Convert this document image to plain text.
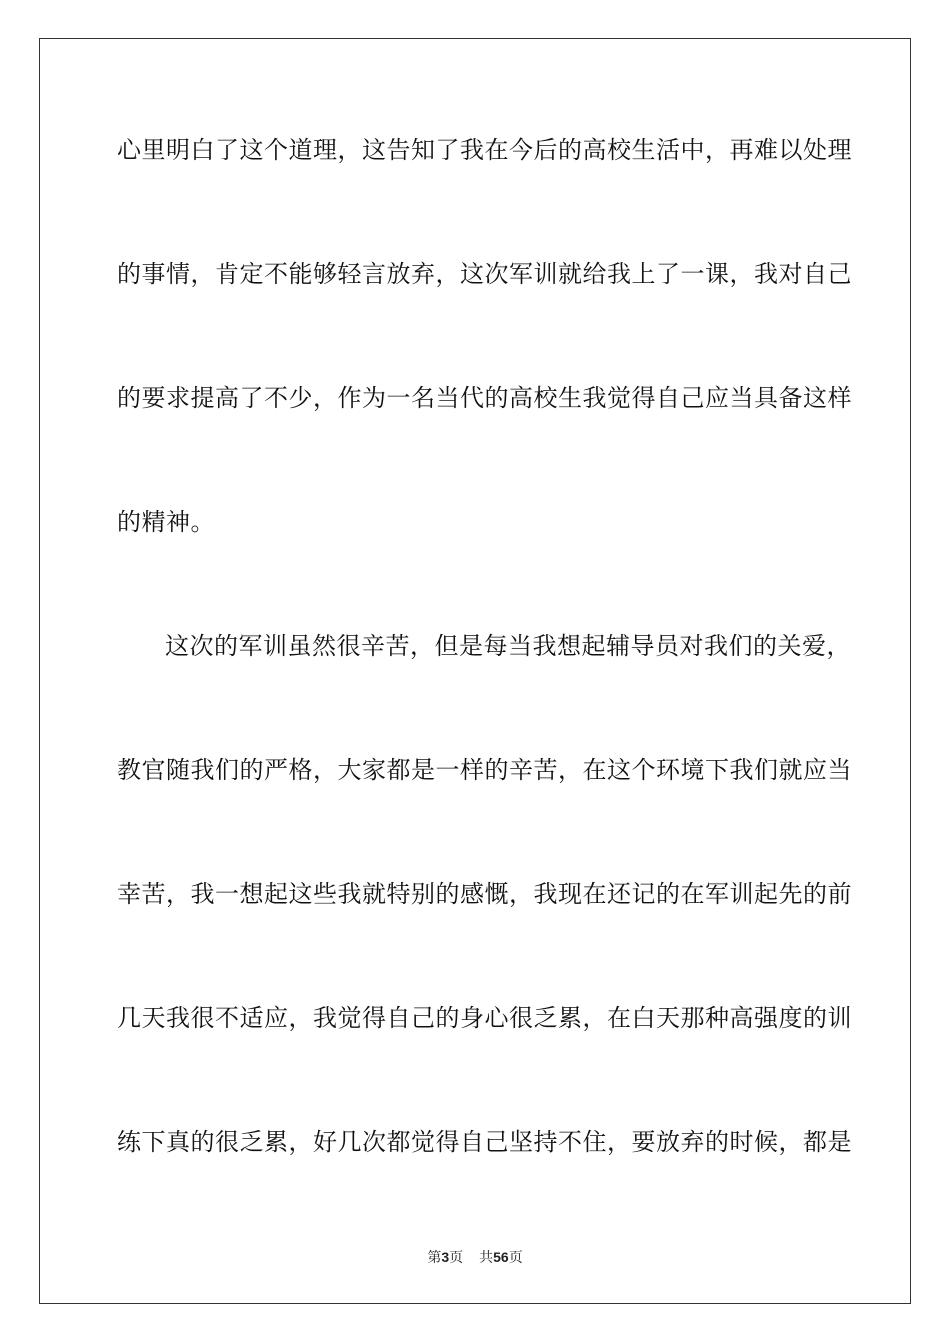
心里明白了这个道理，这告知了我在今后的高校生活中，再难以处理
的事情，肯定不能够轻言放弃，这次军训就给我上了一课，我对自己
的要求提高了不少，作为一名当代的高校生我觉得自己应当具备这样
的精神。
这次的军训虽然很辛苦，但是每当我想起辅导员对我们的关爱，
教官随我们的严格，大家都是一样的辛苦，在这个环境下我们就应当
幸苦，我一想起这些我就特别的感慨，我现在还记的在军训起先的前
几天我很不适应，我觉得自己的身心很乏累，在白天那种高强度的训
练下真的很乏累，好几次都觉得自己坚持不住，要放弃的时候，都是
第3页 共56页
